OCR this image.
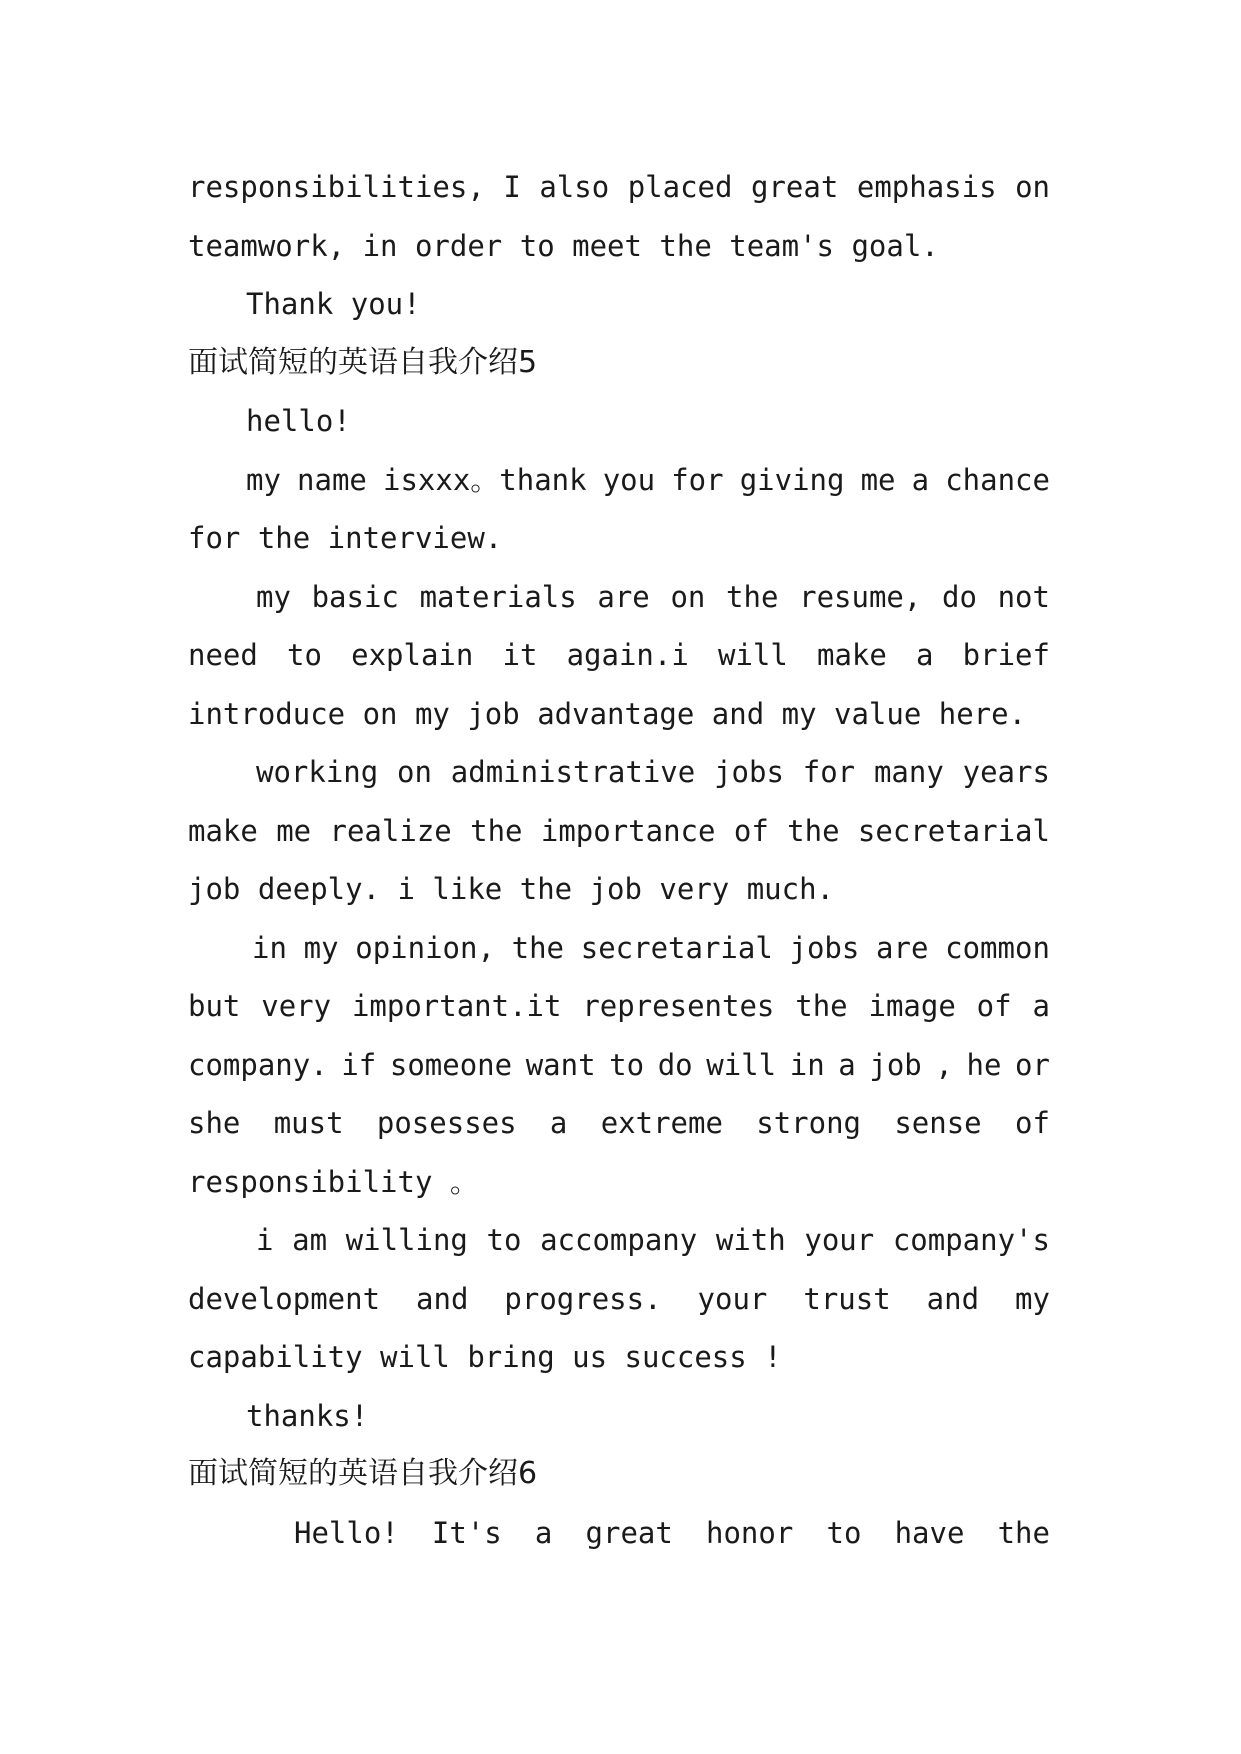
responsibilities, I also placed great emphasis on
teamwork, in order to meet the team's goal.
Thank you!
面试简短的英语自我介绍5
hello!
my name isxxx。thank you for giving me a chance
for the interview.
my basic materials are on the resume, do not
need to explain it again.i will make a brief
introduce on my job advantage and my value here.
working on administrative jobs for many years
make me realize the importance of the secretarial
job deeply. i like the job very much.
in my opinion, the secretarial jobs are common
but very important.it representes the image of a
company. if someone want to do will in a job , he or
she must posesses a extreme strong sense of
responsibility 。
i am willing to accompany with your company's
development and progress. your trust and my
capability will bring us success !
thanks!
面试简短的英语自我介绍6
Hello! It's a great honor to have the
